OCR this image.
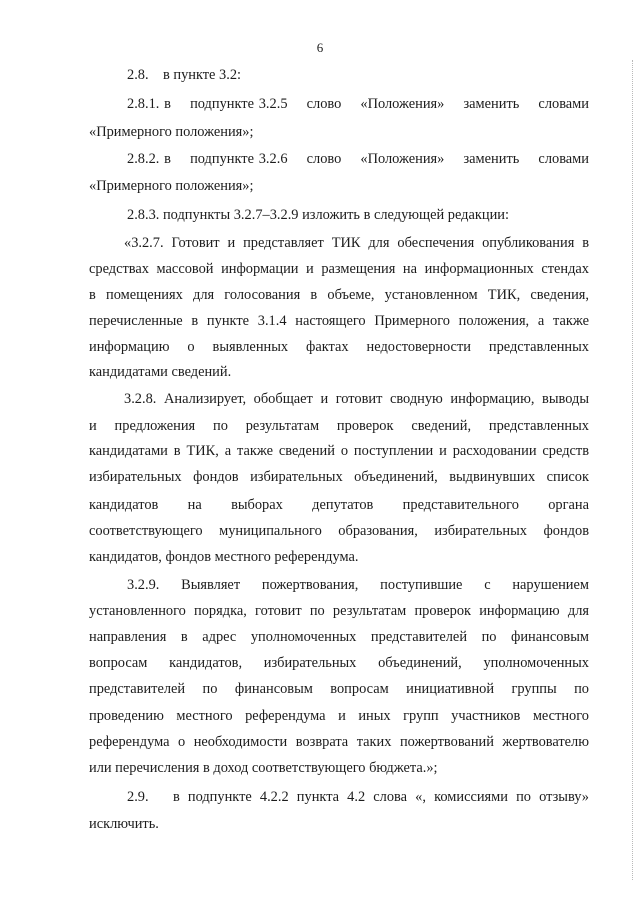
6
2.8.    в пункте 3.2:
2.8.1. в    подпункте 3.2.5    слово    «Положения»    заменить    словами
«Примерного положения»;
2.8.2. в    подпункте 3.2.6    слово    «Положения»    заменить    словами
«Примерного положения»;
2.8.3. подпункты 3.2.7–3.2.9 изложить в следующей редакции:
«3.2.7. Готовит и представляет ТИК для обеспечения опубликования в
средствах массовой информации и размещения на информационных стендах
в помещениях для голосования в объеме, установленном ТИК, сведения,
перечисленные в пункте 3.1.4 настоящего Примерного положения, а также
информацию о выявленных фактах недостоверности представленных
кандидатами сведений.
3.2.8. Анализирует, обобщает и готовит сводную информацию, выводы
и предложения по результатам проверок сведений, представленных
кандидатами в ТИК, а также сведений о поступлении и расходовании средств
избирательных фондов избирательных объединений, выдвинувших список
кандидатов на выборах депутатов представительного органа
соответствующего муниципального образования, избирательных фондов
кандидатов, фондов местного референдума.
3.2.9. Выявляет пожертвования, поступившие с нарушением
установленного порядка, готовит по результатам проверок информацию для
направления в адрес уполномоченных представителей по финансовым
вопросам кандидатов, избирательных объединений, уполномоченных
представителей по финансовым вопросам инициативной группы по
проведению местного референдума и иных групп участников местного
референдума о необходимости возврата таких пожертвований жертвователю
или перечисления в доход соответствующего бюджета.»;
2.9.   в подпункте 4.2.2 пункта 4.2 слова «, комиссиями по отзыву»
исключить.
